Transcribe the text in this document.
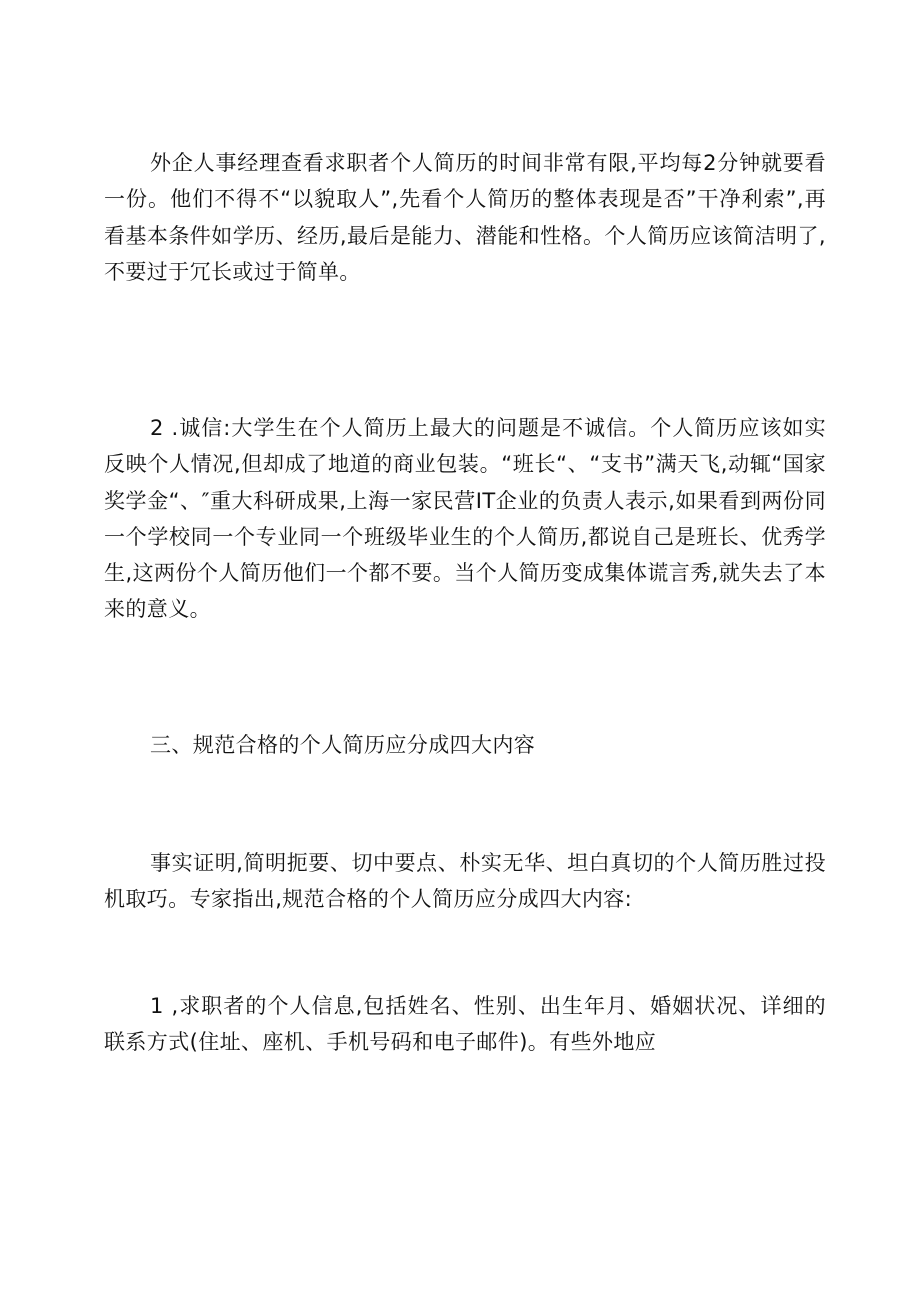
外企人事经理查看求职者个人简历的时间非常有限,平均每2分钟就要看一份。他们不得不“以貌取人”,先看个人简历的整体表现是否”干净利索”,再看基本条件如学历、经历,最后是能力、潜能和性格。个人简历应该简洁明了,不要过于冗长或过于简单。

2 .诚信:大学生在个人简历上最大的问题是不诚信。个人简历应该如实反映个人情况,但却成了地道的商业包装。“班长“、“支书”满天飞,动辄“国家奖学金“、″重大科研成果,上海一家民营IT企业的负责人表示,如果看到两份同一个学校同一个专业同一个班级毕业生的个人简历,都说自己是班长、优秀学生,这两份个人简历他们一个都不要。当个人简历变成集体谎言秀,就失去了本来的意义。

三、规范合格的个人简历应分成四大内容

事实证明,简明扼要、切中要点、朴实无华、坦白真切的个人简历胜过投机取巧。专家指出,规范合格的个人简历应分成四大内容:

1 ,求职者的个人信息,包括姓名、性别、出生年月、婚姻状况、详细的联系方式(住址、座机、手机号码和电子邮件)。有些外地应
